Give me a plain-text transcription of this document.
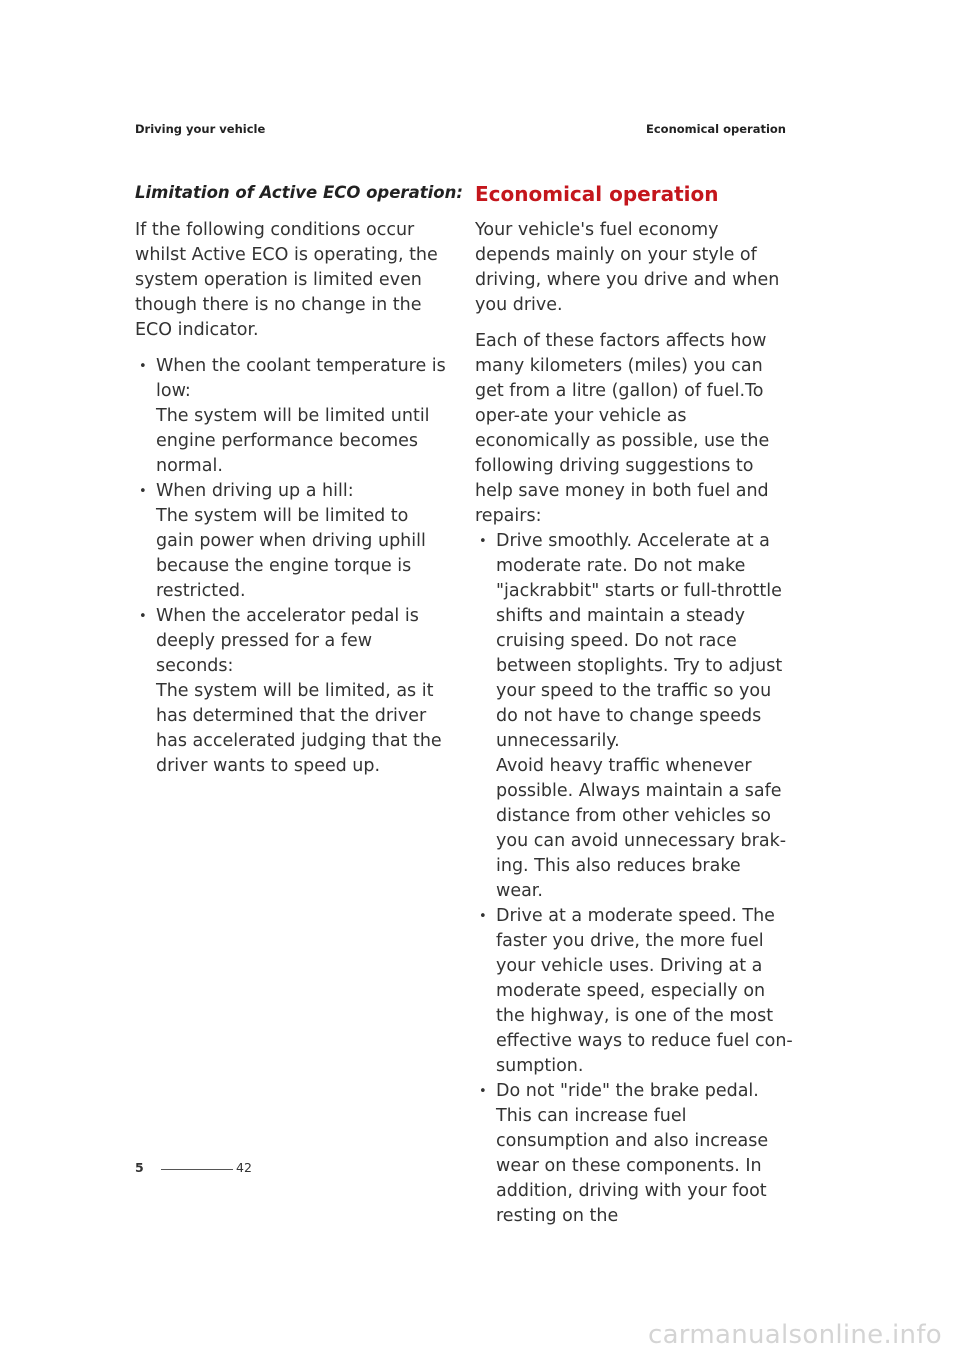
Driving your vehicle	Economical operation
Limitation of Active ECO operation:

If the following conditions occur whilst Active ECO is operating, the system operation is limited even though there is no change in the ECO indicator.

• When the coolant temperature is low:
The system will be limited until engine performance becomes normal.
• When driving up a hill:
The system will be limited to gain power when driving uphill because the engine torque is restricted.
• When the accelerator pedal is deeply pressed for a few seconds:
The system will be limited, as it has determined that the driver has accelerated judging that the driver wants to speed up.
Economical operation

Your vehicle's fuel economy depends mainly on your style of driving, where you drive and when you drive.

Each of these factors affects how many kilometers (miles) you can get from a litre (gallon) of fuel.To oper-ate your vehicle as economically as possible, use the following driving suggestions to help save money in both fuel and repairs:

• Drive smoothly. Accelerate at a moderate rate. Do not make "jackrabbit" starts or full-throttle shifts and maintain a steady cruising speed. Do not race between stoplights. Try to adjust your speed to the traffic so you do not have to change speeds unnecessarily.
Avoid heavy traffic whenever possible. Always maintain a safe distance from other vehicles so you can avoid unnecessary brak-ing. This also reduces brake wear.
• Drive at a moderate speed. The faster you drive, the more fuel your vehicle uses. Driving at a moderate speed, especially on the highway, is one of the most effective ways to reduce fuel con-sumption.
• Do not "ride" the brake pedal. This can increase fuel consumption and also increase wear on these components. In addition, driving with your foot resting on the
5	42
carmanualsonline.info
